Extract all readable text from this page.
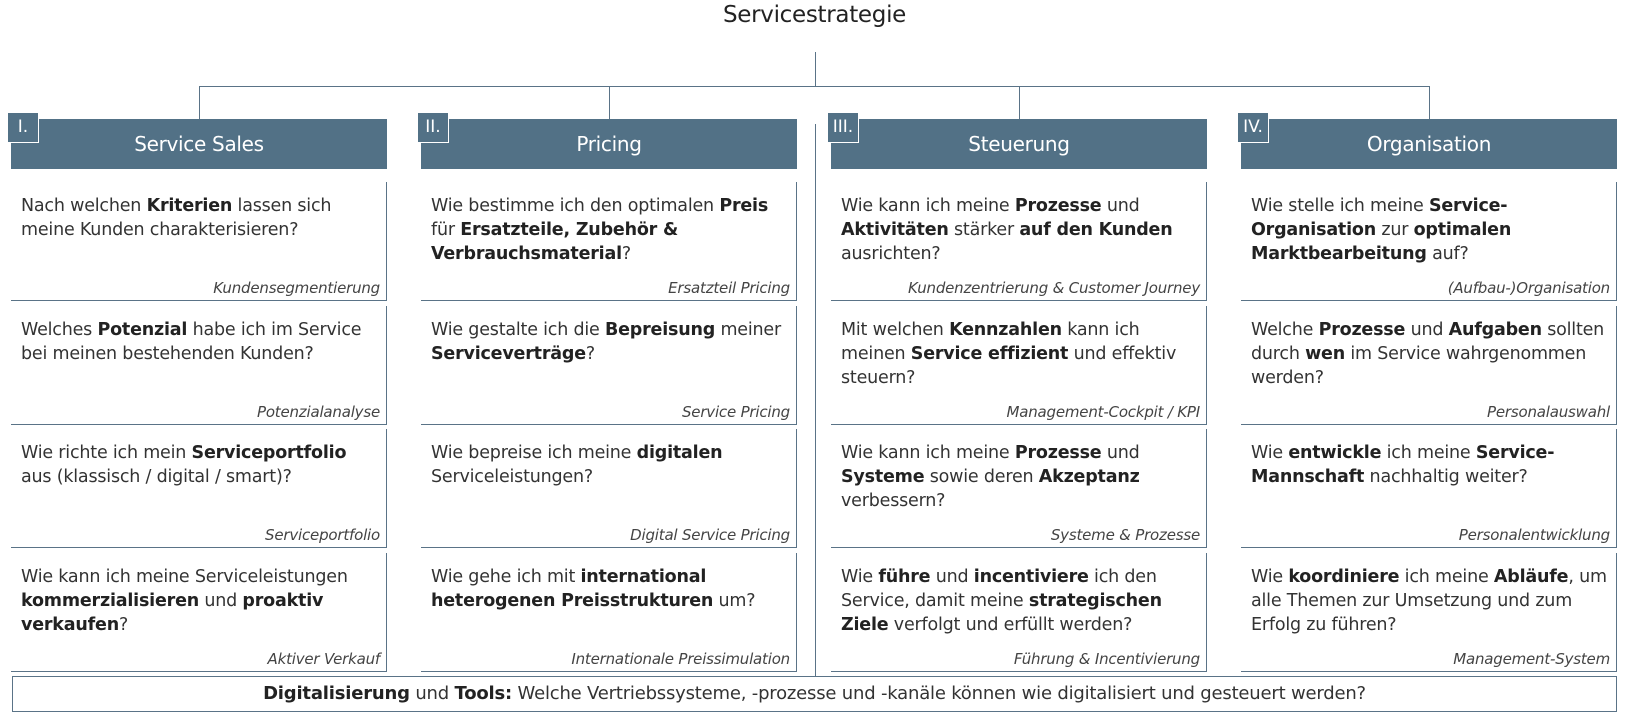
Servicestrategie
Service Sales
I.
Nach welchen Kriterien lassen sich meine Kunden charakterisieren?
Kundensegmentierung
Welches Potenzial habe ich im Service bei meinen bestehenden Kunden?
Potenzialanalyse
Wie richte ich mein Serviceportfolio aus (klassisch / digital / smart)?
Serviceportfolio
Wie kann ich meine Serviceleistungen kommerzialisieren und proaktiv verkaufen?
Aktiver Verkauf
Pricing
II.
Wie bestimme ich den optimalen Preis für Ersatzteile, Zubehör & Verbrauchsmaterial?
Ersatzteil Pricing
Wie gestalte ich die Bepreisung meiner Serviceverträge?
Service Pricing
Wie bepreise ich meine digitalen Serviceleistungen?
Digital Service Pricing
Wie gehe ich mit international heterogenen Preisstrukturen um?
Internationale Preissimulation
Steuerung
III.
Wie kann ich meine Prozesse und Aktivitäten stärker auf den Kunden ausrichten?
Kundenzentrierung & Customer Journey
Mit welchen Kennzahlen kann ich meinen Service effizient und effektiv steuern?
Management-Cockpit / KPI
Wie kann ich meine Prozesse und Systeme sowie deren Akzeptanz verbessern?
Systeme & Prozesse
Wie führe und incentiviere ich den Service, damit meine strategischen Ziele verfolgt und erfüllt werden?
Führung & Incentivierung
Organisation
IV.
Wie stelle ich meine Service-Organisation zur optimalen Marktbearbeitung auf?
(Aufbau-)Organisation
Welche Prozesse und Aufgaben sollten durch wen im Service wahrgenommen werden?
Personalauswahl
Wie entwickle ich meine Service-Mannschaft nachhaltig weiter?
Personalentwicklung
Wie koordiniere ich meine Abläufe, um alle Themen zur Umsetzung und zum Erfolg zu führen?
Management-System
Digitalisierung und Tools: Welche Vertriebssysteme, -prozesse und -kanäle können wie digitalisiert und gesteuert werden?
